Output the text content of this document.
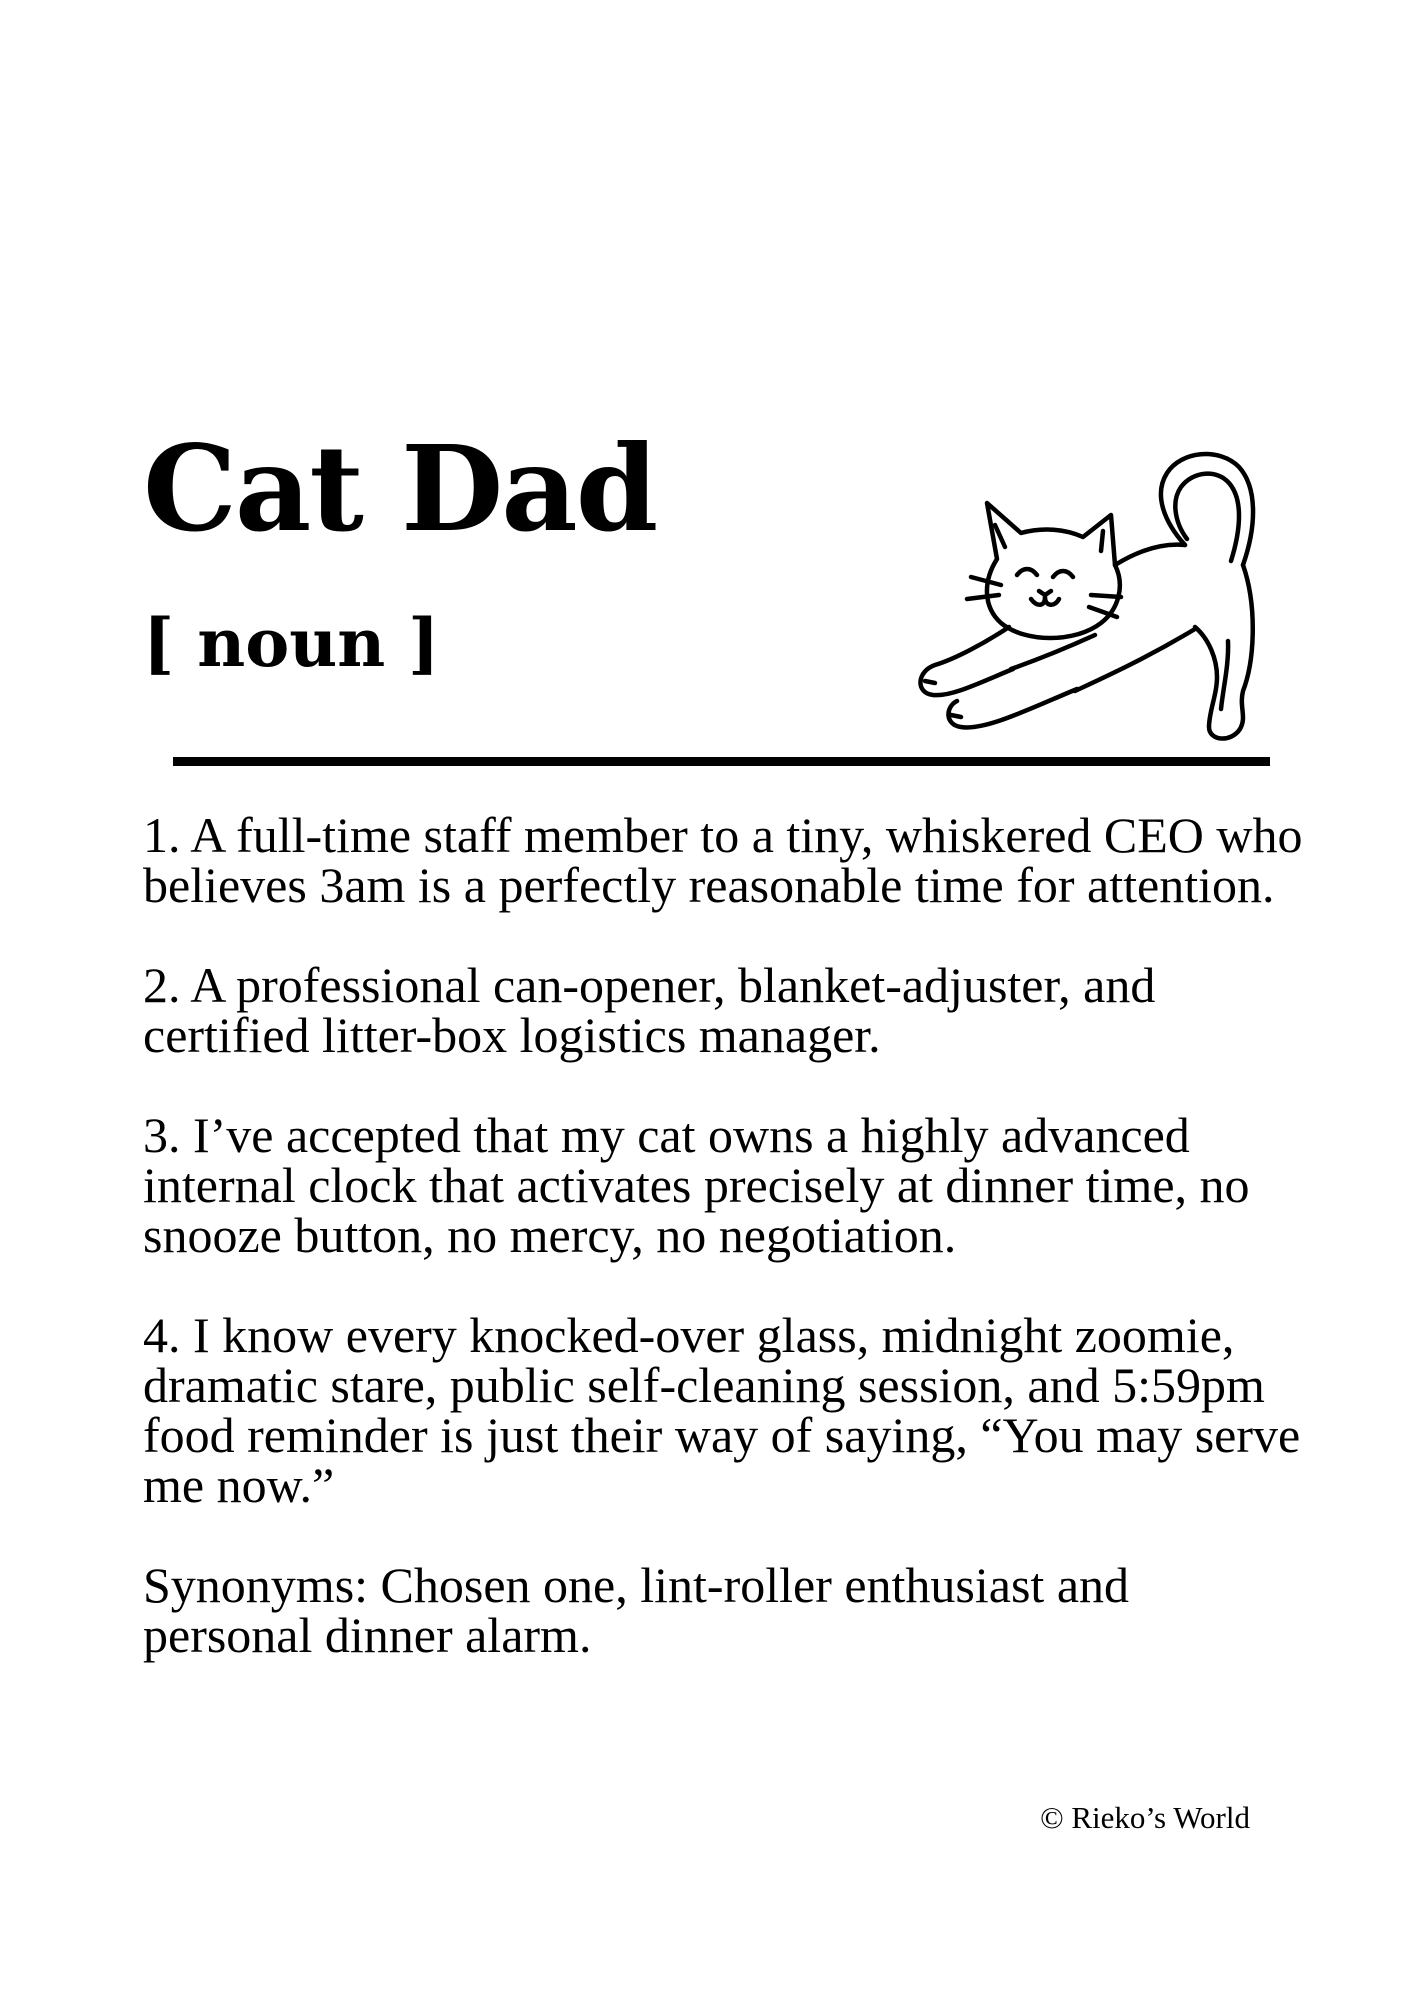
Cat Dad
[ noun ]

1. A full-time staff member to a tiny, whiskered CEO who believes 3am is a perfectly reasonable time for attention.

2. A professional can-opener, blanket-adjuster, and certified litter-box logistics manager.

3. I’ve accepted that my cat owns a highly advanced internal clock that activates precisely at dinner time, no snooze button, no mercy, no negotiation.

4. I know every knocked-over glass, midnight zoomie, dramatic stare, public self-cleaning session, and 5:59pm food reminder is just their way of saying, “You may serve me now.”

Synonyms: Chosen one, lint-roller enthusiast and personal dinner alarm.

© Rieko’s World
